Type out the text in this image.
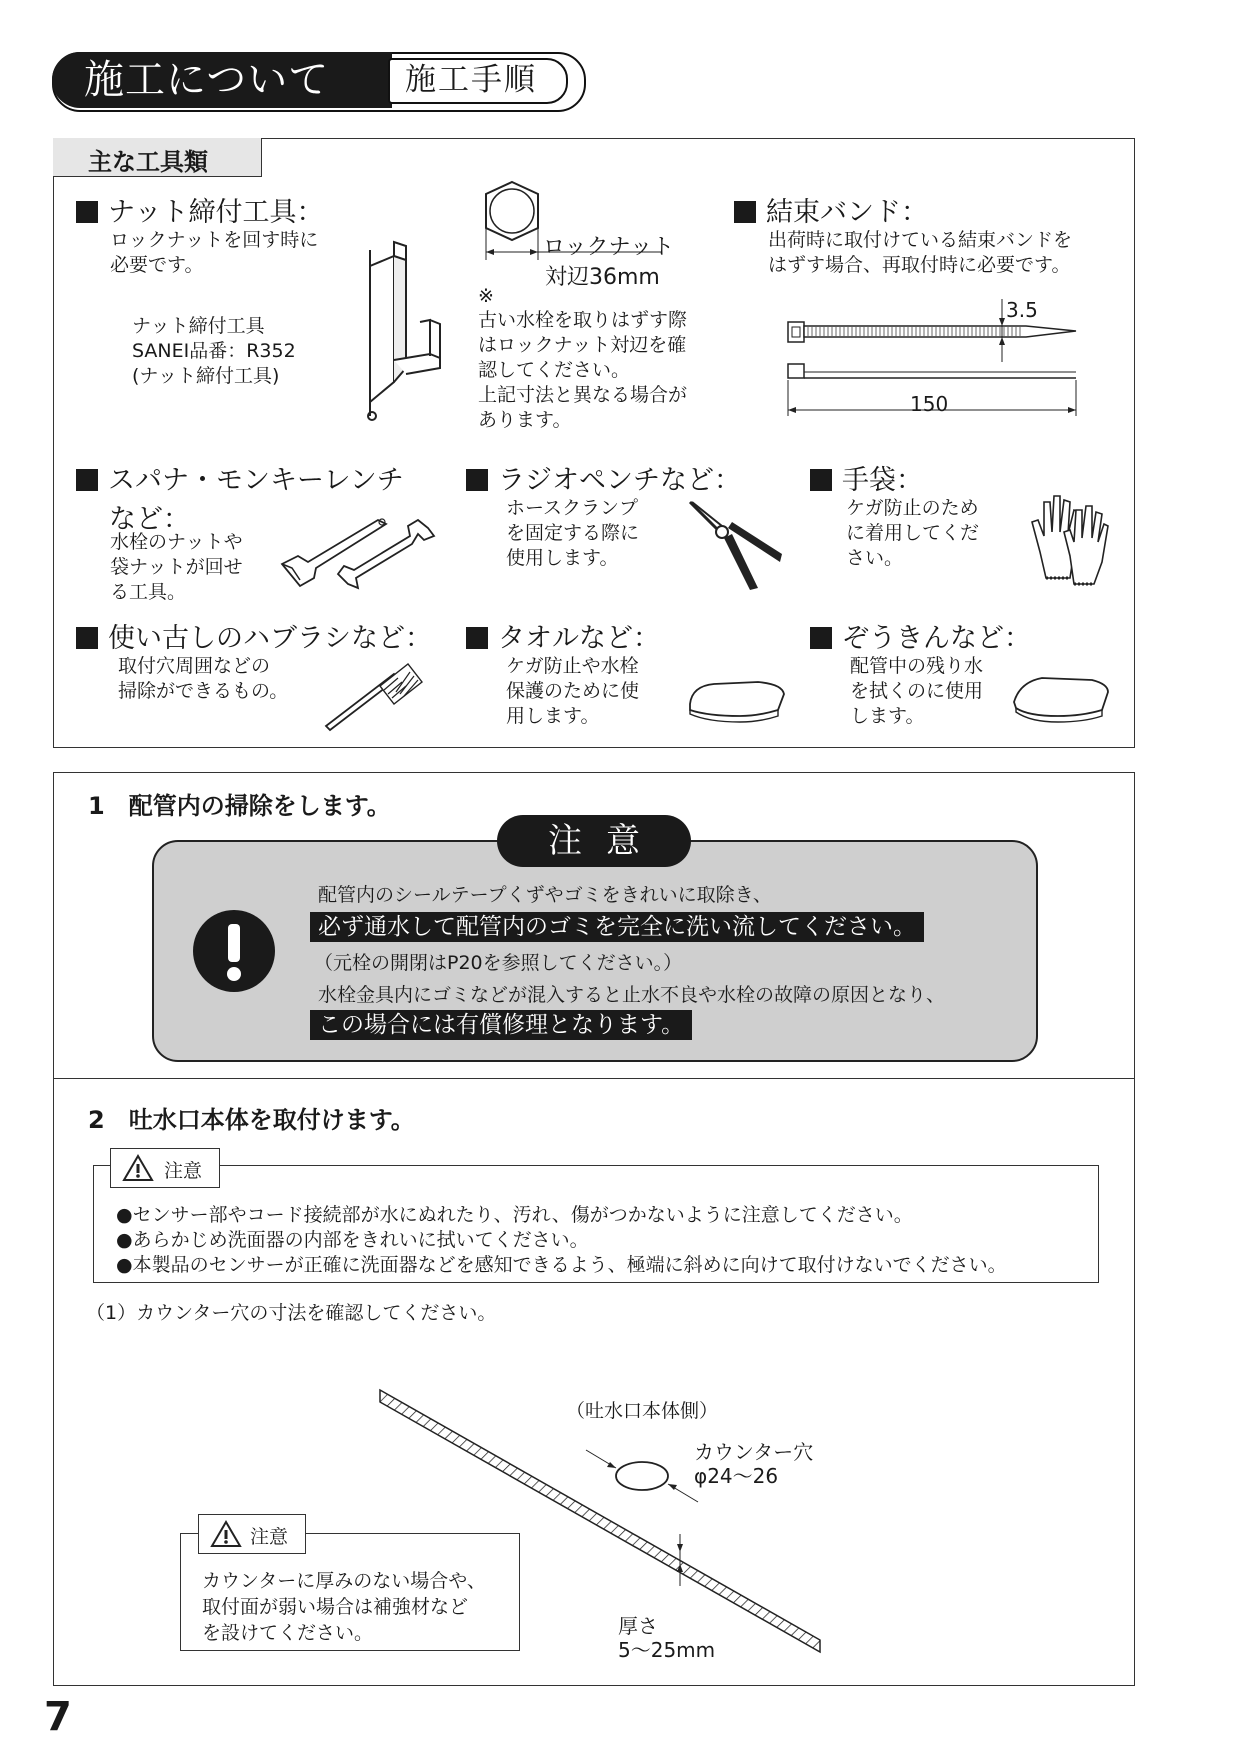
施工について 施工手順
主な工具類
ナット締付工具：
ロックナットを回す時に
必要です。
ナット締付工具
SANEI品番：R352
(ナット締付工具)
ロックナット
対辺36mm
※
古い水栓を取りはずす際
はロックナット対辺を確
認してください。
上記寸法と異なる場合が
あります。
結束バンド：
出荷時に取付けている結束バンドを
はずす場合、再取付時に必要です。
3.5
150
スパナ・モンキーレンチ
など：
水栓のナットや
袋ナットが回せ
る工具。
ラジオペンチなど：
ホースクランプ
を固定する際に
使用します。
手袋：
ケガ防止のため
に着用してくだ
さい。
使い古しのハブラシなど：
取付穴周囲などの
掃除ができるもの。
タオルなど：
ケガ防止や水栓
保護のために使
用します。
ぞうきんなど：
配管中の残り水
を拭くのに使用
します。
1　配管内の掃除をします。
注意
配管内のシールテープくずやゴミをきれいに取除き、
必ず通水して配管内のゴミを完全に洗い流してください。
（元栓の開閉はP20を参照してください。）
水栓金具内にゴミなどが混入すると止水不良や水栓の故障の原因となり、
この場合には有償修理となります。
2　吐水口本体を取付けます。
注意
●センサー部やコード接続部が水にぬれたり、汚れ、傷がつかないように注意してください。
●あらかじめ洗面器の内部をきれいに拭いてください。
●本製品のセンサーが正確に洗面器などを感知できるよう、極端に斜めに向けて取付けないでください。
（1）カウンター穴の寸法を確認してください。
（吐水口本体側）
カウンター穴
φ24～26
厚さ
5～25mm
注意
カウンターに厚みのない場合や、
取付面が弱い場合は補強材など
を設けてください。
7
